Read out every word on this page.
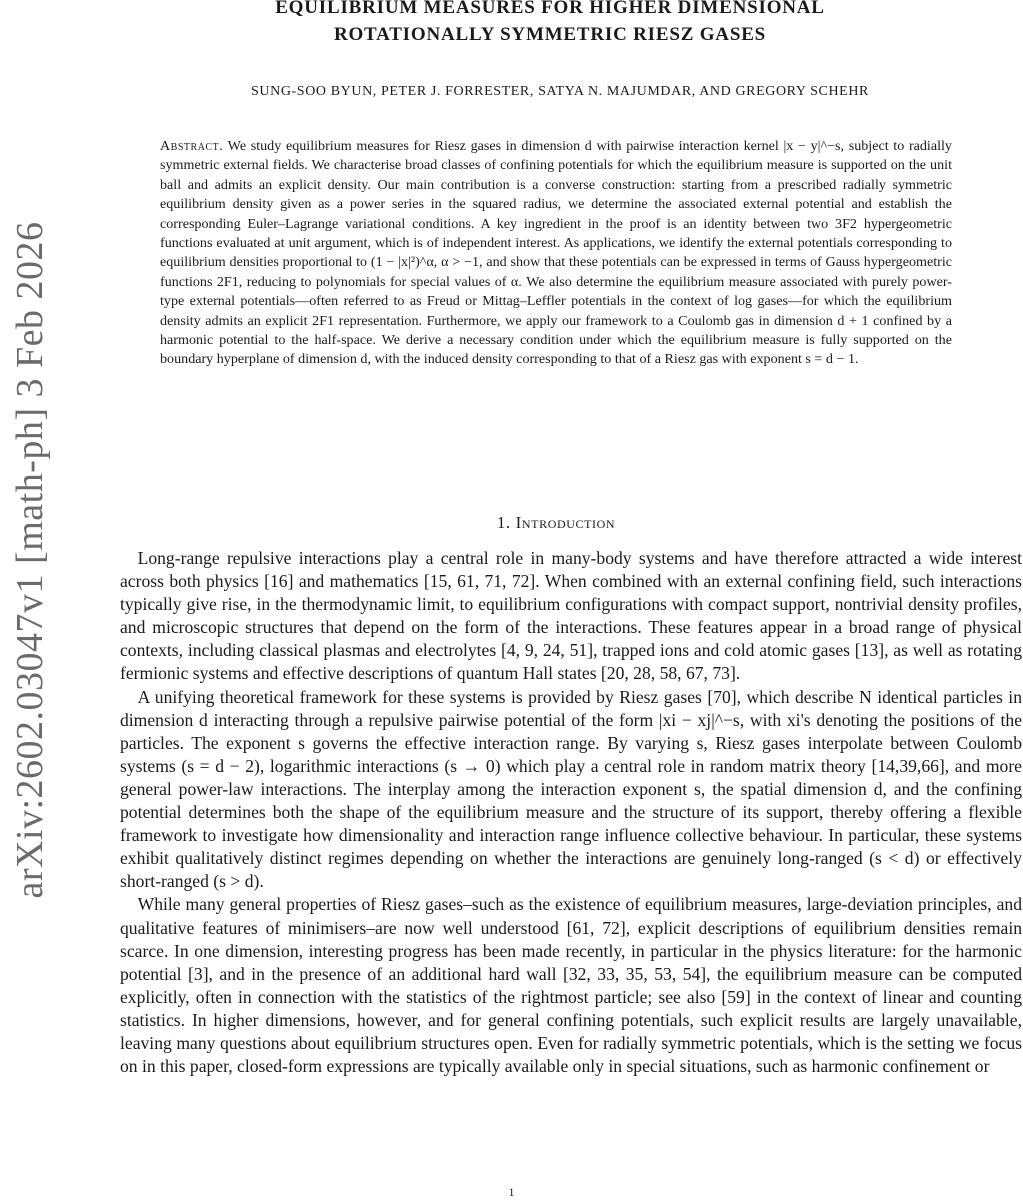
arXiv:2602.03047v1 [math-ph] 3 Feb 2026
EQUILIBRIUM MEASURES FOR HIGHER DIMENSIONAL
ROTATIONALLY SYMMETRIC RIESZ GASES
SUNG-SOO BYUN, PETER J. FORRESTER, SATYA N. MAJUMDAR, AND GREGORY SCHEHR
Abstract. We study equilibrium measures for Riesz gases in dimension d with pairwise interaction kernel |x − y|^−s, subject to radially symmetric external fields. We characterise broad classes of confining potentials for which the equilibrium measure is supported on the unit ball and admits an explicit density. Our main contribution is a converse construction: starting from a prescribed radially symmetric equilibrium density given as a power series in the squared radius, we determine the associated external potential and establish the corresponding Euler–Lagrange variational conditions. A key ingredient in the proof is an identity between two 3F2 hypergeometric functions evaluated at unit argument, which is of independent interest. As applications, we identify the external potentials corresponding to equilibrium densities proportional to (1 − |x|²)^α, α > −1, and show that these potentials can be expressed in terms of Gauss hypergeometric functions 2F1, reducing to polynomials for special values of α. We also determine the equilibrium measure associated with purely power-type external potentials—often referred to as Freud or Mittag–Leffler potentials in the context of log gases—for which the equilibrium density admits an explicit 2F1 representation. Furthermore, we apply our framework to a Coulomb gas in dimension d + 1 confined by a harmonic potential to the half-space. We derive a necessary condition under which the equilibrium measure is fully supported on the boundary hyperplane of dimension d, with the induced density corresponding to that of a Riesz gas with exponent s = d − 1.
1. Introduction

 Long-range repulsive interactions play a central role in many-body systems and have therefore attracted a wide interest across both physics [16] and mathematics [15, 61, 71, 72]. When combined with an external confining field, such interactions typically give rise, in the thermodynamic limit, to equilibrium configurations with compact support, nontrivial density profiles, and microscopic structures that depend on the form of the interactions. These features appear in a broad range of physical contexts, including classical plasmas and electrolytes [4, 9, 24, 51], trapped ions and cold atomic gases [13], as well as rotating fermionic systems and effective descriptions of quantum Hall states [20, 28, 58, 67, 73].

 A unifying theoretical framework for these systems is provided by Riesz gases [70], which describe N identical particles in dimension d interacting through a repulsive pairwise potential of the form |xi − xj|^−s, with xi's denoting the positions of the particles. The exponent s governs the effective interaction range. By varying s, Riesz gases interpolate between Coulomb systems (s = d − 2), logarithmic interactions (s → 0) which play a central role in random matrix theory [14,39,66], and more general power-law interactions. The interplay among the interaction exponent s, the spatial dimension d, and the confining potential determines both the shape of the equilibrium measure and the structure of its support, thereby offering a flexible framework to investigate how dimensionality and interaction range influence collective behaviour. In particular, these systems exhibit qualitatively distinct regimes depending on whether the interactions are genuinely long-ranged (s < d) or effectively short-ranged (s > d).

 While many general properties of Riesz gases–such as the existence of equilibrium measures, large-deviation principles, and qualitative features of minimisers–are now well understood [61, 72], explicit descriptions of equilibrium densities remain scarce. In one dimension, interesting progress has been made recently, in particular in the physics literature: for the harmonic potential [3], and in the presence of an additional hard wall [32, 33, 35, 53, 54], the equilibrium measure can be computed explicitly, often in connection with the statistics of the rightmost particle; see also [59] in the context of linear and counting statistics. In higher dimensions, however, and for general confining potentials, such explicit results are largely unavailable, leaving many questions about equilibrium structures open. Even for radially symmetric potentials, which is the setting we focus on in this paper, closed-form expressions are typically available only in special situations, such as harmonic confinement or

1
